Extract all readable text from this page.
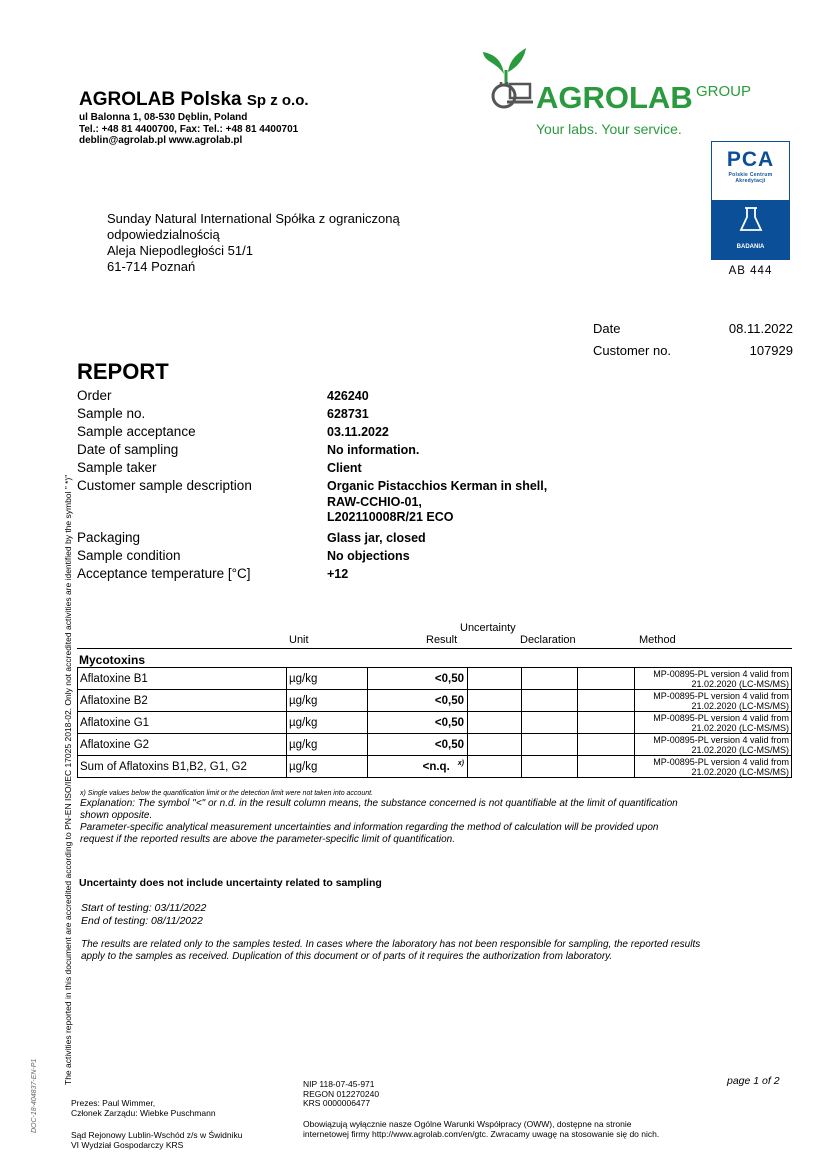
AGROLAB Polska Sp z o.o.
ul Balonna 1, 08-530 Dęblin, Poland
Tel.: +48 81 4400700, Fax: Tel.: +48 81 4400701
deblin@agrolab.pl www.agrolab.pl
AGROLAB GROUP
Your labs. Your service.
PCA
Polskie Centrum
Akredytacji
BADANIA
AB 444
Sunday Natural International Spółka z ograniczoną
odpowiedzialnością
Aleja Niepodległości 51/1
61-714 Poznań
Date	08.11.2022
Customer no.	107929
REPORT
Order	426240
Sample no.	628731
Sample acceptance	03.11.2022
Date of sampling	No information.
Sample taker	Client
Customer sample description	Organic Pistacchios Kerman in shell,
RAW-CCHIO-01,
L202110008R/21 ECO
Packaging	Glass jar, closed
Sample condition	No objections
Acceptance temperature [°C]	+12
Uncertainty
Unit	Result	Declaration	Method
Mycotoxins
Aflatoxine B1	µg/kg	<0,50				MP-00895-PL version 4 valid from
21.02.2020 (LC-MS/MS)

Aflatoxine B2	µg/kg	<0,50				MP-00895-PL version 4 valid from
21.02.2020 (LC-MS/MS)

Aflatoxine G1	µg/kg	<0,50				MP-00895-PL version 4 valid from
21.02.2020 (LC-MS/MS)

Aflatoxine G2	µg/kg	<0,50				MP-00895-PL version 4 valid from
21.02.2020 (LC-MS/MS)

Sum of Aflatoxins B1,B2, G1, G2	µg/kg	<n.q. $^{x)}$				MP-00895-PL version 4 valid from
21.02.2020 (LC-MS/MS)
x) Single values below the quantification limit or the detection limit were not taken into account.
Explanation: The symbol "<" or n.d. in the result column means, the substance concerned is not quantifiable at the limit of quantification
shown opposite.
Parameter-specific analytical measurement uncertainties and information regarding the method of calculation will be provided upon
request if the reported results are above the parameter-specific limit of quantification.
Uncertainty does not include uncertainty related to sampling
Start of testing: 03/11/2022
End of testing: 08/11/2022
The results are related only to the samples tested. In cases where the laboratory has not been responsible for sampling, the reported results
apply to the samples as received. Duplication of this document or of parts of it requires the authorization from laboratory.
The activities reported in this document are accredited according to PN-EN ISO/IEC 17025 2018-02. Only not accredited activities are identified by the symbol " *)"
DOC-18-404837-EN-P1	page 1 of 2
Prezes: Paul Wimmer,
Członek Zarządu: Wiebke Puschmann
Sąd Rejonowy Lublin-Wschód z/s w Świdniku
VI Wydział Gospodarczy KRS
NIP 118-07-45-971
REGON 012270240
KRS 0000006477
Obowiązują wyłącznie nasze Ogólne Warunki Współpracy (OWW), dostępne na stronie
internetowej firmy http://www.agrolab.com/en/gtc. Zwracamy uwagę na stosowanie się do nich.
